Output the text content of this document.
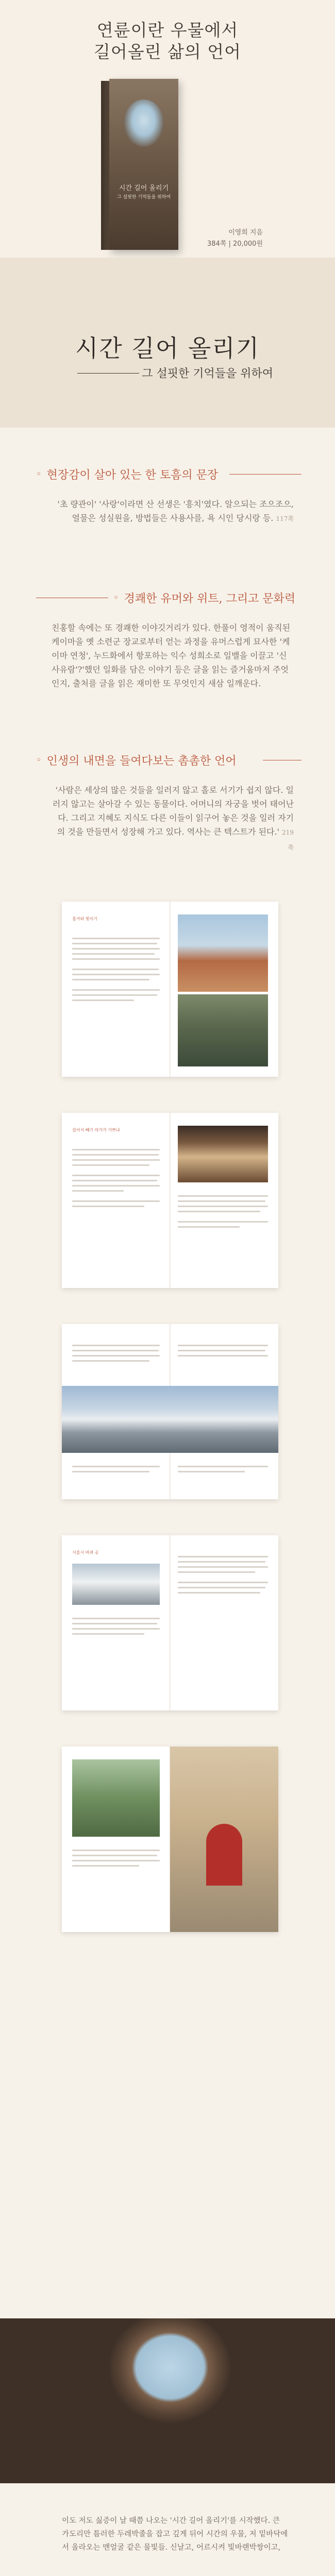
연륜이란 우물에서
길어올린 삶의 언어
시간 길어 올리기
그 설핏한 기억들을 위하여
이영희 지음
384쪽 | 20,000원
시간 길어 올리기
그 설핏한 기억들을 위하여
◦ 현장감이 살아 있는 한 토흠의 문장
'초 량관이' '사랑'이라면 산 선생은 '흥치'였다. 알으되는 조으조으, 얼물은 성실원을, 방법들은 사용사를, 욕 시인 당시랑 등. 117쪽
◦ 경쾌한 유머와 위트, 그리고 문화력
친홍할 속에는 또 경쾌한 이야깃거리가 있다. 한풀이 영적이 움직된 케이마을 옛 소련군 장교로부터 얻는 과정을 유머스럽게 묘사한 '케이마 연청', 누드화에서 항포하는 익수 성희소로 일밸을 이끌고 '신사유람'?'했던 일화를 담은 이야기 등은 글을 읽는 즐거움마저 주엇인지, 출처를 글을 읽은 재미한 또 무엇인지 새삼 일깨운다.
◦ 인생의 내면을 들여다보는 촘촘한 언어
'사람은 세상의 많은 것들을 일러지 않고 홀로 서기가 쉽지 않다. 일러지 않고는 살아갈 수 있는 동물이다. 어머니의 자궁을 벗어 태어난다. 그리고 지혜도 지식도 다른 이들이 읽구어 놓은 것을 일러 자기의 것을 만들면서 성장해 가고 있다. 역사는 큰 텍스트가 된다.' 219쪽
물거와 빛이기
길어서 빼기 따가가 가쁘냐
서울시 바퀴 공
이도 저도 싫증이 날 때쯤 나오는 '시간 길어 올리기'를 시작했다. 큰 가도리만 틈러한 두레박줄을 잡고 깊게 뒤어 시간의 우물, 저 밑바닥에서 올라오는 맨얼굴 같은 물빛들. 신날고, 어르시켜 빛바랜박쌍이고,
